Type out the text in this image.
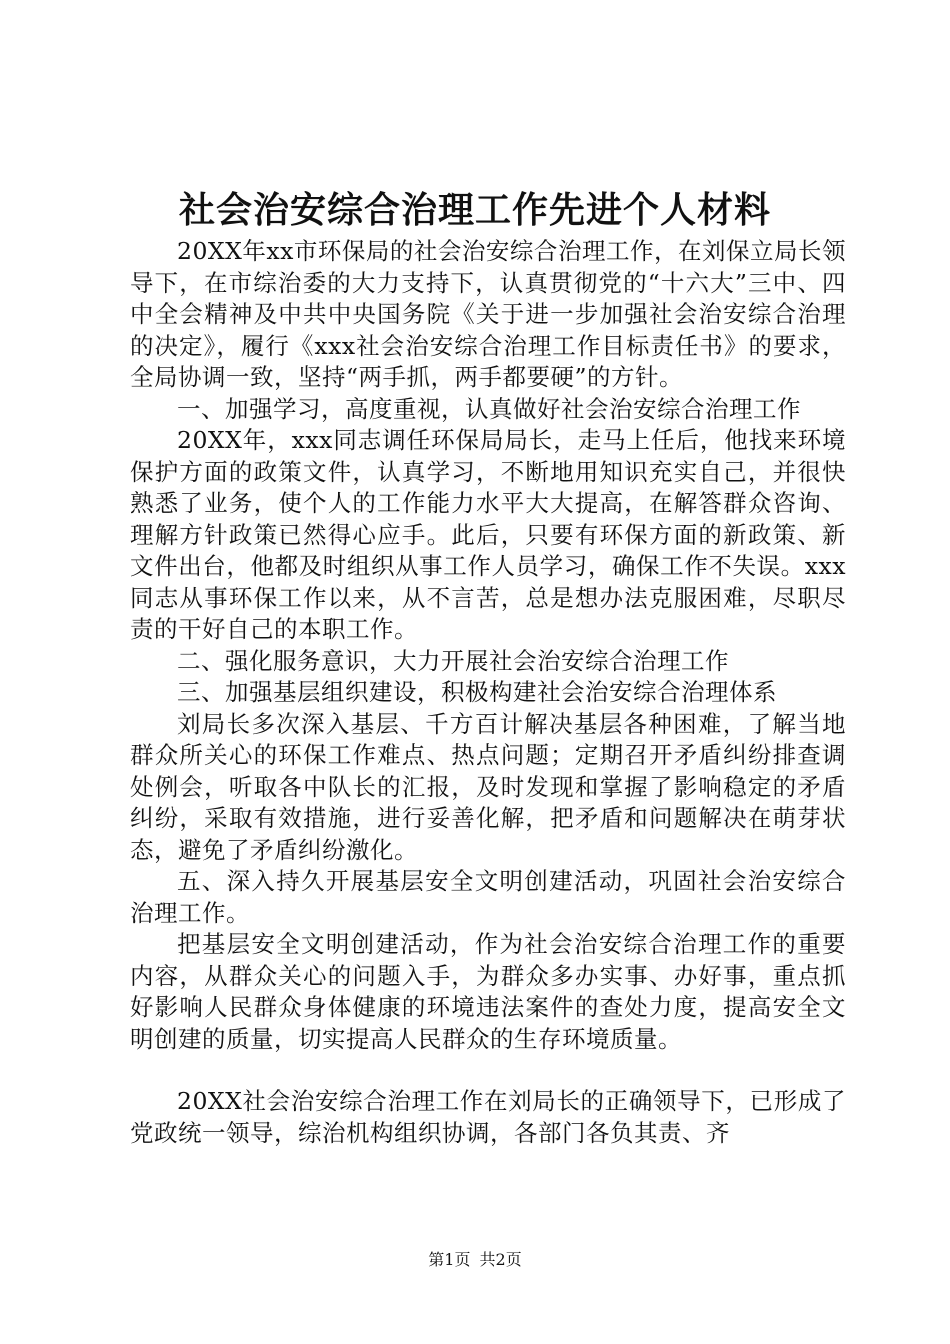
社会治安综合治理工作先进个人材料

20XX年xx市环保局的社会治安综合治理工作，在刘保立局长领导下，在市综治委的大力支持下，认真贯彻党的“十六大”三中、四中全会精神及中共中央国务院《关于进一步加强社会治安综合治理的决定》，履行《xxx社会治安综合治理工作目标责任书》的要求，全局协调一致，坚持“两手抓，两手都要硬”的方针。

一、加强学习，高度重视，认真做好社会治安综合治理工作

20XX年，xxx同志调任环保局局长，走马上任后，他找来环境保护方面的政策文件，认真学习，不断地用知识充实自己，并很快熟悉了业务，使个人的工作能力水平大大提高，在解答群众咨询、理解方针政策已然得心应手。此后，只要有环保方面的新政策、新文件出台，他都及时组织从事工作人员学习，确保工作不失误。xxx同志从事环保工作以来，从不言苦，总是想办法克服困难，尽职尽责的干好自己的本职工作。

二、强化服务意识，大力开展社会治安综合治理工作

三、加强基层组织建设，积极构建社会治安综合治理体系

刘局长多次深入基层、千方百计解决基层各种困难，了解当地群众所关心的环保工作难点、热点问题；定期召开矛盾纠纷排查调处例会，听取各中队长的汇报，及时发现和掌握了影响稳定的矛盾纠纷，采取有效措施，进行妥善化解，把矛盾和问题解决在萌芽状态，避免了矛盾纠纷激化。

五、深入持久开展基层安全文明创建活动，巩固社会治安综合治理工作。

把基层安全文明创建活动，作为社会治安综合治理工作的重要内容，从群众关心的问题入手，为群众多办实事、办好事，重点抓好影响人民群众身体健康的环境违法案件的查处力度，提高安全文明创建的质量，切实提高人民群众的生存环境质量。

20XX社会治安综合治理工作在刘局长的正确领导下，已形成了党政统一领导，综治机构组织协调，各部门各负其责、齐

第1页 共2页
